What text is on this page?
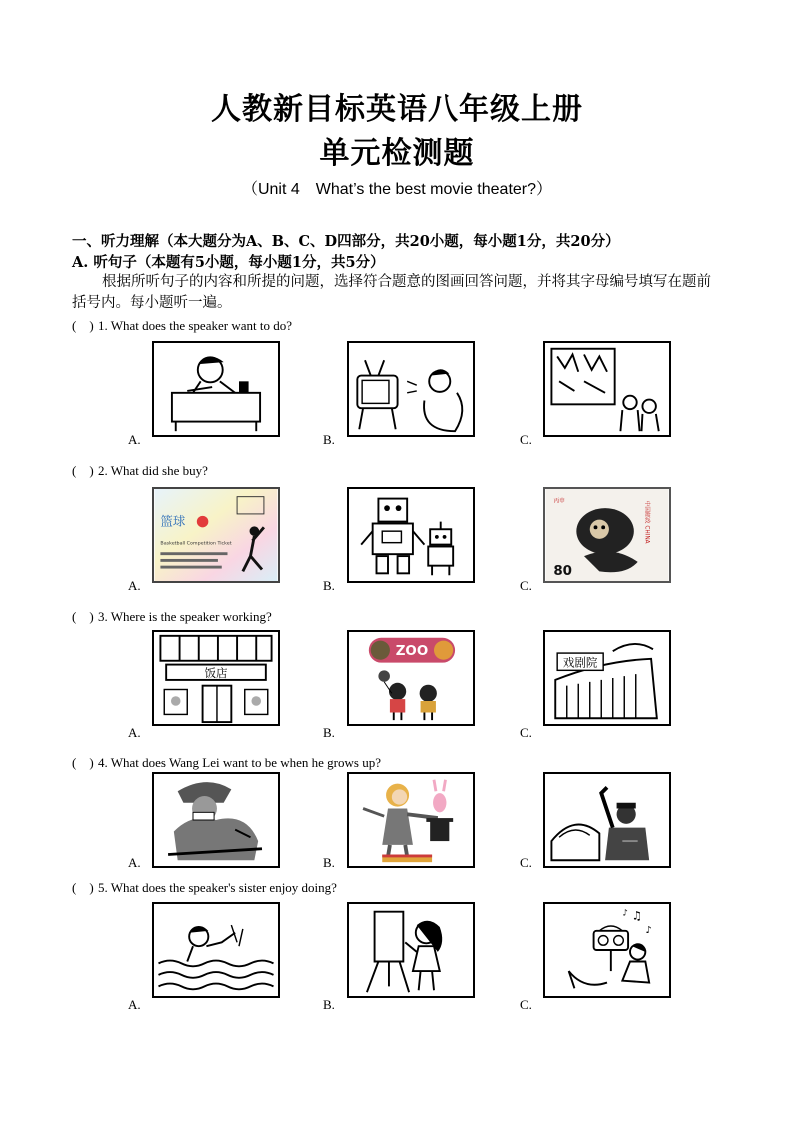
人教新目标英语八年级上册
单元检测题
（Unit 4　What’s the best movie theater?）
一、听力理解（本大题分为A、B、C、D四部分，共20小题，每小题1分，共20分）
A. 听句子（本题有5小题，每小题1分，共5分）
根据所听句子的内容和所提的问题，选择符合题意的图画回答问题，并将其字母编号填写在题前括号内。每小题听一遍。
(　) 1. What does the speaker want to do?
A.	B.	C.
(　) 2. What did she buy?
A.	B.	C.
篮球
Basketball Competition Ticket
80
丙申	中国邮政 CHINA
(　) 3. Where is the speaker working?
A.	B.	C.
饭店
ZOO
戏剧院
(　) 4. What does Wang Lei want to be when he grows up?
A.	B.	C.
(　) 5. What does the speaker's sister enjoy doing?
A.	B.	C.
♫
♪
♪
